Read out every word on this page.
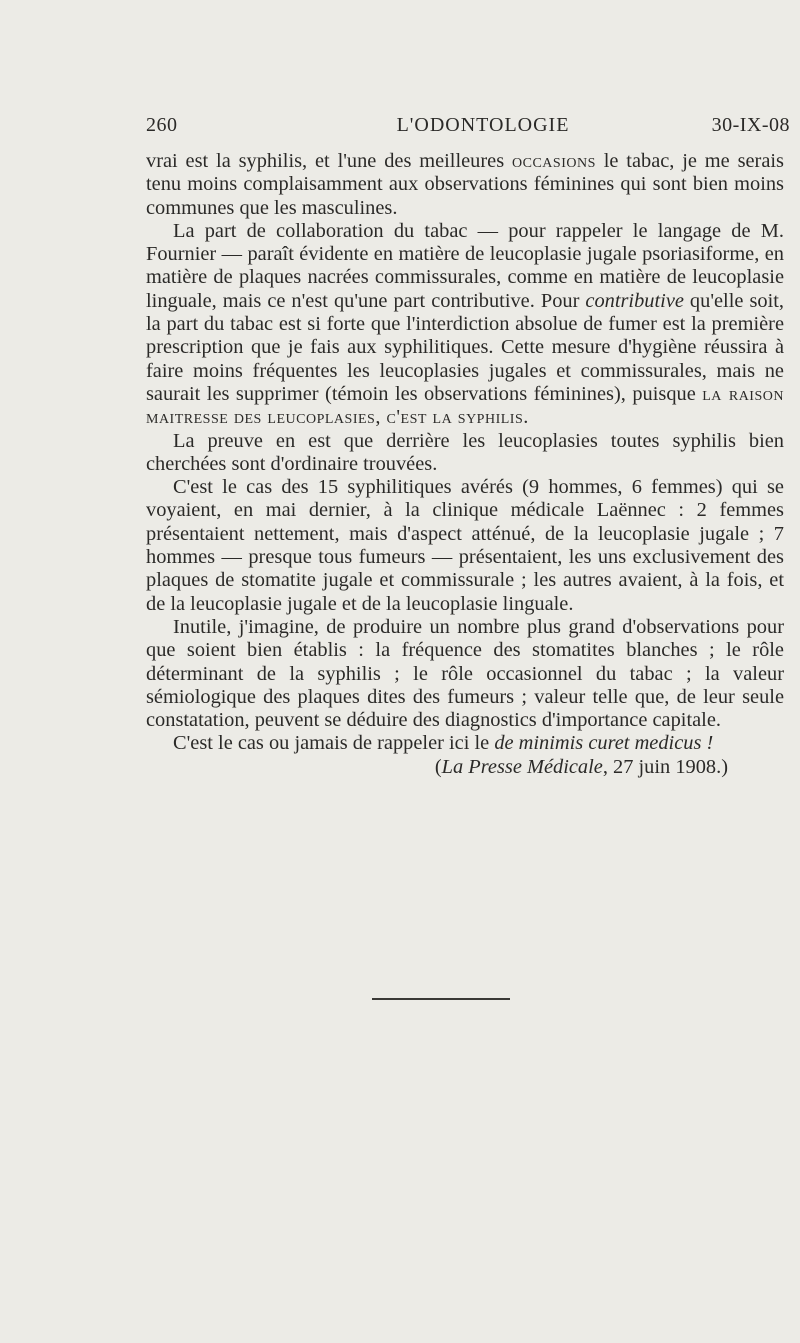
260	L'ODONTOLOGIE	30-IX-08

vrai est la syphilis, et l'une des meilleures occasions le tabac, je me serais tenu moins complaisamment aux observations féminines qui sont bien moins communes que les masculines.

La part de collaboration du tabac — pour rappeler le langage de M. Fournier — paraît évidente en matière de leucoplasie jugale psoriasiforme, en matière de plaques nacrées commissurales, comme en matière de leucoplasie linguale, mais ce n'est qu'une part contributive. Pour contributive qu'elle soit, la part du tabac est si forte que l'interdiction absolue de fumer est la première prescription que je fais aux syphilitiques. Cette mesure d'hygiène réussira à faire moins fréquentes les leucoplasies jugales et commissurales, mais ne saurait les supprimer (témoin les observations féminines), puisque la raison maitresse des leucoplasies, c'est la syphilis.

La preuve en est que derrière les leucoplasies toutes syphilis bien cherchées sont d'ordinaire trouvées.

C'est le cas des 15 syphilitiques avérés (9 hommes, 6 femmes) qui se voyaient, en mai dernier, à la clinique médicale Laënnec : 2 femmes présentaient nettement, mais d'aspect atténué, de la leucoplasie jugale ; 7 hommes — presque tous fumeurs — présentaient, les uns exclusivement des plaques de stomatite jugale et commissurale ; les autres avaient, à la fois, et de la leucoplasie jugale et de la leucoplasie linguale.

Inutile, j'imagine, de produire un nombre plus grand d'observations pour que soient bien établis : la fréquence des stomatites blanches ; le rôle déterminant de la syphilis ; le rôle occasionnel du tabac ; la valeur sémiologique des plaques dites des fumeurs ; valeur telle que, de leur seule constatation, peuvent se déduire des diagnostics d'importance capitale.

C'est le cas ou jamais de rappeler ici le de minimis curet medicus !

(La Presse Médicale, 27 juin 1908.)
